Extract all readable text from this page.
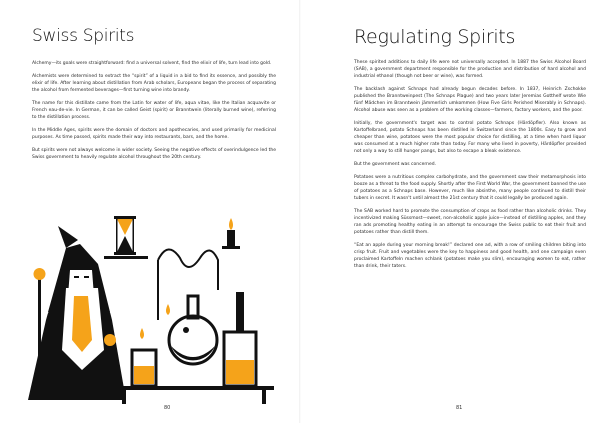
Swiss Spirits

Alchemy—its goals were straightforward: find a universal solvent, find the elixir of life, turn lead into gold.

Alchemists were determined to extract the “spirit” of a liquid in a bid to find its essence, and possibly the elixir of life. After learning about distillation from Arab scholars, Europeans began the process of separating the alcohol from fermented beverages—first turning wine into brandy.

The name for this distillate came from the Latin for water of life, aqua vitae, like the Italian acquavite or French eau-de-vie. In German, it can be called Geist (spirit) or Branntwein (literally burned wine), referring to the distillation process.

In the Middle Ages, spirits were the domain of doctors and apothecaries, and used primarily for medicinal purposes. As time passed, spirits made their way into restaurants, bars, and the home.

But spirits were not always welcome in wider society. Seeing the negative effects of overindulgence led the Swiss government to heavily regulate alcohol throughout the 20th century.

80
Regulating Spirits

These spirited additions to daily life were not universally accepted. In 1887 the Swiss Alcohol Board (SAB), a government department responsible for the production and distribution of hard alcohol and industrial ethanol (though not beer or wine), was formed.

The backlash against Schnaps had already begun decades before. In 1837, Heinrich Zschokke published the Branntweinpest (The Schnaps Plague) and two years later Jeremias Gotthelf wrote Wie fünf Mädchen im Branntwein jämmerlich umkommen (How Five Girls Perished Miserably in Schnaps). Alcohol abuse was seen as a problem of the working classes—farmers, factory workers, and the poor.

Initially, the government's target was to control potato Schnaps (Härdöpfler). Also known as Kartoffelbrand, potato Schnaps has been distilled in Switzerland since the 1800s. Easy to grow and cheaper than wine, potatoes were the most popular choice for distilling, at a time when hard liquor was consumed at a much higher rate than today. For many who lived in poverty, Härdöpfler provided not only a way to still hunger pangs, but also to escape a bleak existence.

But the government was concerned.

Potatoes were a nutritious complex carbohydrate, and the government saw their metamorphosis into booze as a threat to the food supply. Shortly after the First World War, the government banned the use of potatoes as a Schnaps base. However, much like absinthe, many people continued to distill their tubers in secret. It wasn't until almost the 21st century that it could legally be produced again.

The SAB worked hard to promote the consumption of crops as food rather than alcoholic drinks. They incentivized making Süssmost—sweet, non-alcoholic apple juice—instead of distilling apples, and they ran ads promoting healthy eating in an attempt to encourage the Swiss public to eat their fruit and potatoes rather than distill them.

“Eat an apple during your morning break!” declared one ad, with a row of smiling children biting into crisp fruit. Fruit and vegetables were the key to happiness and good health, and one campaign even proclaimed Kartoffeln machen schlank (potatoes make you slim), encouraging women to eat, rather than drink, their taters.

81
